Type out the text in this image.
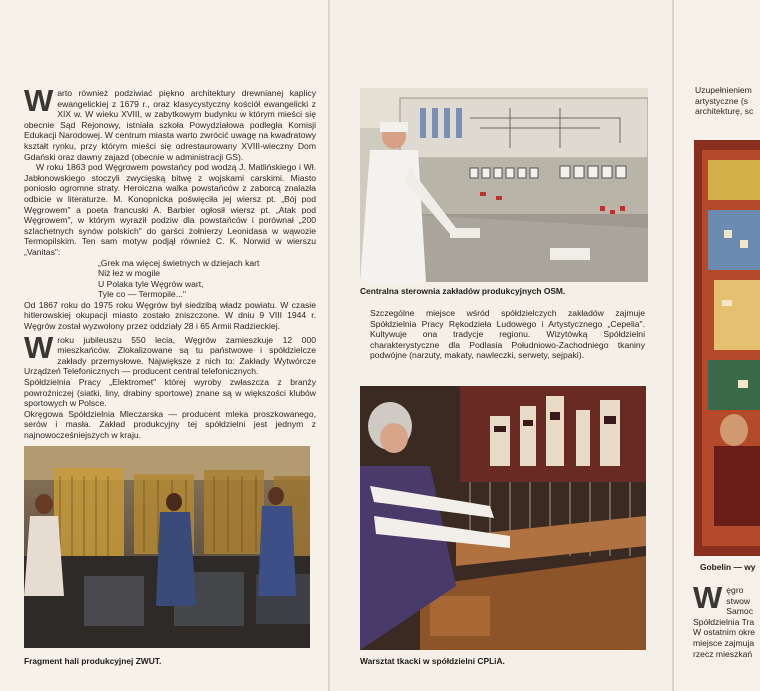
Warto również podziwiać piękno architektury drewnianej kaplicy ewangelickiej z 1679 r., oraz klasycystyczny kościół ewangelicki z XIX w. W wieku XVIII, w zabytkowym budynku w którym mieści się obecnie Sąd Rejonowy, istniała szkoła Powydziałowa podległa Komisji Edukacji Narodowej. W centrum miasta warto zwrócić uwagę na kwadratowy kształt rynku, przy którym mieści się odrestaurowany XVIII-wieczny Dom Gdański oraz dawny zajazd (obecnie w administracji GS).

W roku 1863 pod Węgrowem powstańcy pod wodzą J. Matlińskiego i Wł. Jabłonowskiego stoczyli zwycięską bitwę z wojskami carskimi. Miasto poniosło ogromne straty. Heroiczna walka powstańców z zaborcą znalazła odbicie w literaturze. M. Konopnicka poświęciła jej wiersz pt. „Bój pod Węgrowem" a poeta francuski A. Barbier ogłosił wiersz pt. „Atak pod Węgrowem", w którym wyraził podziw dla powstańców i porównał „200 szlachetnych synów polskich" do garści żołnierzy Leonidasa w wąwozie Termopilskim. Ten sam motyw podjął również C. K. Norwid w wierszu „Vanitas":

„Grek ma więcej świetnych w dziejach kart
Niż łez w mogile
U Polaka tyle Węgrów wart,
Tyle co — Termopile..."

Od 1867 roku do 1975 roku Węgrów był siedzibą władz powiatu. W czasie hitlerowskiej okupacji miasto zostało zniszczone. W dniu 9 VIII 1944 r. Węgrów został wyzwolony przez oddziały 28 i 65 Armii Radzieckiej.

Wroku jubileuszu 550 lecia, Węgrów zamieszkuje 12 000 mieszkańców. Zlokalizowane są tu państwowe i spółdzielcze zakłady przemysłowe. Największe z nich to: Zakłady Wytwórcze Urządzeń Telefonicznych — producent central telefonicznych.

Spółdzielnia Pracy „Elektromet" której wyroby zwłaszcza z branży powroźniczej (siatki, liny, drabiny sportowe) znane są w większości klubów sportowych w Polsce.

Okręgowa Spółdzielnia Mleczarska — producent mleka proszkowanego, serów i masła. Zakład produkcyjny tej spółdzielni jest jednym z najnowocześniejszych w kraju.

Fragment hali produkcyjnej ZWUT.
Centralna sterownia zakładów produkcyjnych OSM.

Szczególne miejsce wśród spółdzielczych zakładów zajmuje Spółdzielnia Pracy Rękodzieła Ludowego i Artystycznego „Cepelia". Kultywuje ona tradycje regionu. Wizytówką Spółdzielni charakterystyczne dla Podlasia Południowo-Zachodniego tkaniny podwójne (narzuty, makaty, nawleczki, serwety, sejpaki).

Warsztat tkacki w spółdzielni CPLiA.
Uzupełnieniem
artystyczne (s
architekturę, sc
Gobelin — wy
W ęgro
stwow
Samoc
Spółdzielnia Tra
W ostatnim okre
miejsce zajmuja
rzecz mieszkań
